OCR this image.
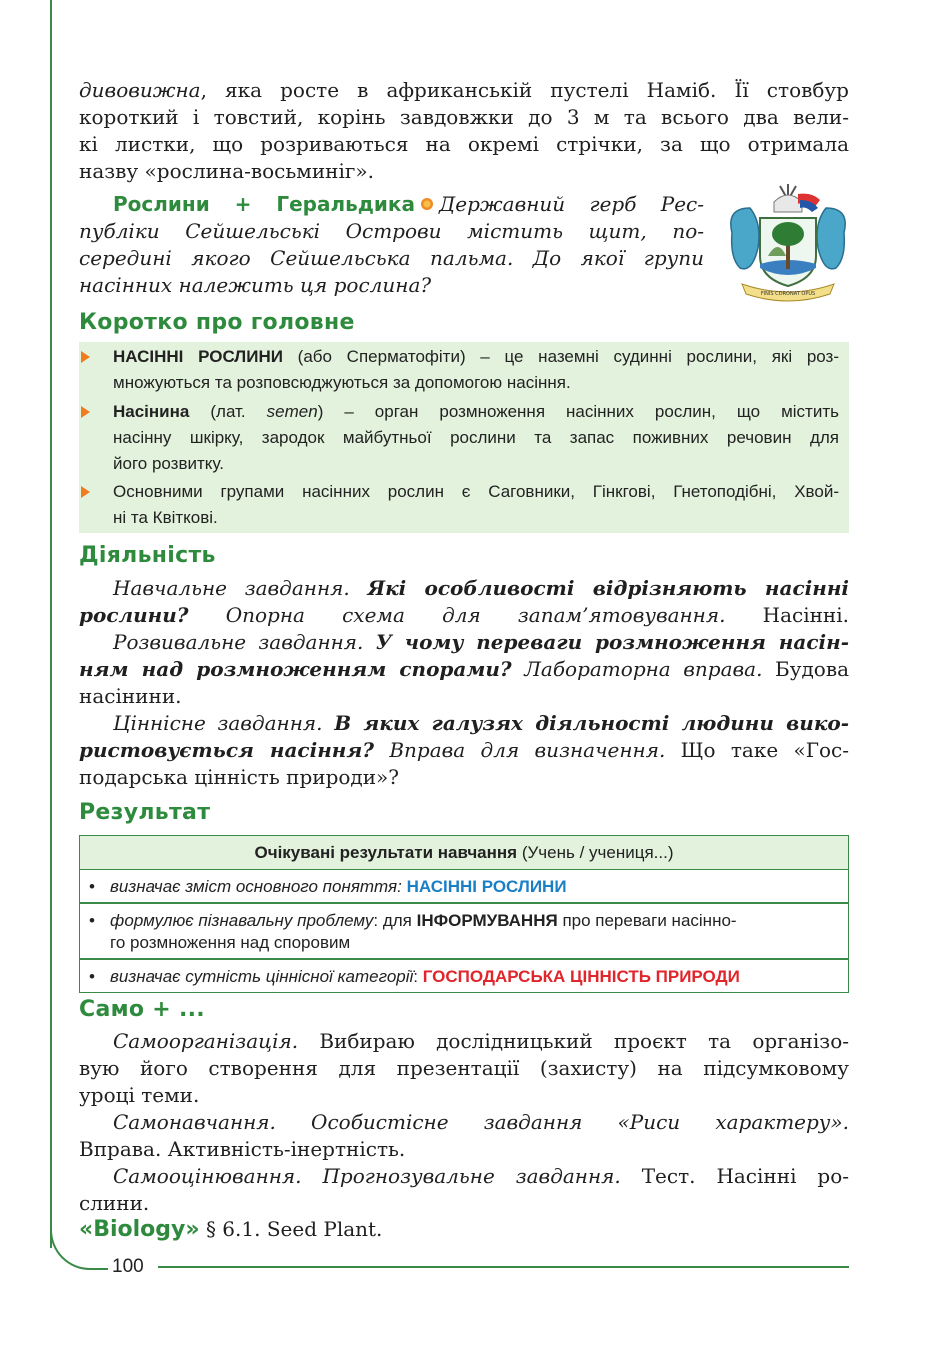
дивовижна, яка росте в африканській пустелі Наміб. Її стовбур
короткий і товстий, корінь завдовжки до 3 м та всього два вели-
кі листки, що розриваються на окремі стрічки, за що отримала
назву «рослина-восьминіг».
Рослини + Геральдика Державний герб Рес-
публіки Сейшельські Острови містить щит, по-
середині якого Сейшельська пальма. До якої групи
насінних належить ця рослина?	FINIS CORONAT OPUS
Коротко про головне
НАСІННІ РОСЛИНИ (або Сперматофіти) – це наземні судинні рослини, які роз-
множуються та розповсюджуються за допомогою насіння.
Насінина (лат. semen) – орган розмноження насінних рослин, що містить
насінну шкірку, зародок майбутньої рослини та запас поживних речовин для
його розвитку.
Основними групами насінних рослин є Саговники, Гінкгові, Гнетоподібні, Хвой-
ні та Квіткові.
Діяльність
Навчальне завдання. Які особливості відрізняють насінні
рослини? Опорна схема для запам’ятовування. Насінні.
Розвивальне завдання. У чому переваги розмноження насін-
ням над розмноженням спорами? Лабораторна вправа. Будова
насінини.
Ціннісне завдання. В яких галузях діяльності людини вико-
ристовується насіння? Вправа для визначення. Що таке «Гос-
подарська цінність природи»?
Результат
Очікувані результати навчання (Учень / учениця...)
• визначає зміст основного поняття: НАСІННІ РОСЛИНИ
• формулює пізнавальну проблему: для ІНФОРМУВАННЯ про переваги насінно-
го розмноження над споровим
• визначає сутність ціннісної категорії: ГОСПОДАРСЬКА ЦІННІСТЬ ПРИРОДИ
Само + ...
Самоорганізація. Вибираю дослідницький проєкт та організо-
вую його створення для презентації (захисту) на підсумковому
уроці теми.
Самонавчання. Особистісне завдання «Риси характеру».
Вправа. Активність-інертність.
Самооцінювання. Прогнозувальне завдання. Тест. Насінні ро-
слини.
«Biology» § 6.1. Seed Plant.
100
